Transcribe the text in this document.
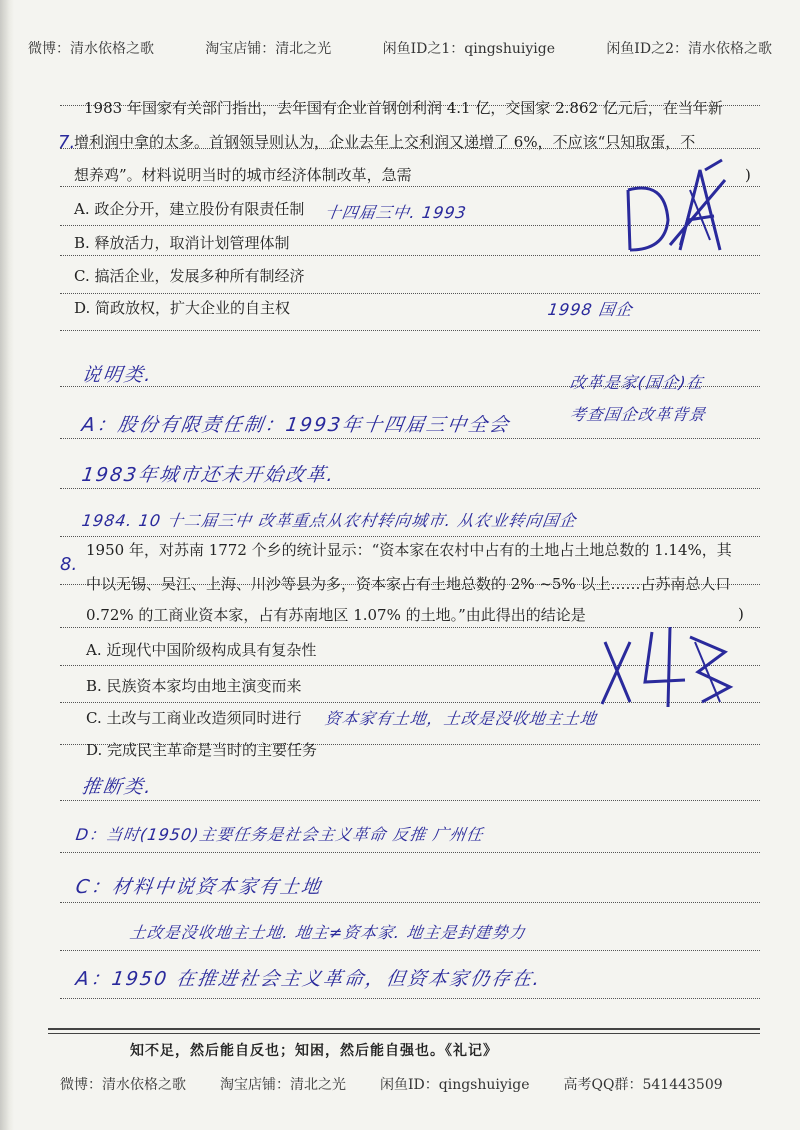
微博：清水依格之歌	淘宝店铺：清北之光	闲鱼ID之1：qingshuiyige	闲鱼ID之2：清水依格之歌
7.
1983 年国家有关部门指出，去年国有企业首钢创利润 4.1 亿，交国家 2.862 亿元后，在当年新
增利润中拿的太多。首钢领导则认为，企业去年上交利润又递增了 6%，不应该“只知取蛋，不
想养鸡”。材料说明当时的城市经济体制改革，急需	)
A. 政企分开，建立股份有限责任制
B. 释放活力，取消计划管理体制
C. 搞活企业，发展多种所有制经济
D. 简政放权，扩大企业的自主权
十四届三中. 1993
1998 国企
说明类.	改革是家(国企)在
考查国企改革背景
A：股份有限责任制：1993年十四届三中全会
1983年城市还未开始改革.
1984. 10 十二届三中 改革重点从农村转向城市. 从农业转向国企
8.
1950 年，对苏南 1772 个乡的统计显示：“资本家在农村中占有的土地占土地总数的 1.14%，其
中以无锡、吴江、上海、川沙等县为多，资本家占有土地总数的 2% ~5% 以上……占苏南总人口
0.72% 的工商业资本家，占有苏南地区 1.07% 的土地。”由此得出的结论是	)
A. 近现代中国阶级构成具有复杂性
B. 民族资本家均由地主演变而来
C. 土改与工商业改造须同时进行
D. 完成民主革命是当时的主要任务
资本家有土地，土改是没收地主土地
推断类.
D：当时(1950)主要任务是社会主义革命 反推 广州任
C：材料中说资本家有土地
土改是没收地主土地. 地主≠资本家. 地主是封建势力
A：1950 在推进社会主义革命，但资本家仍存在.
知不足，然后能自反也；知困，然后能自强也。《礼记》
微博：清水依格之歌 淘宝店铺：清北之光 闲鱼ID：qingshuiyige 高考QQ群：541443509
